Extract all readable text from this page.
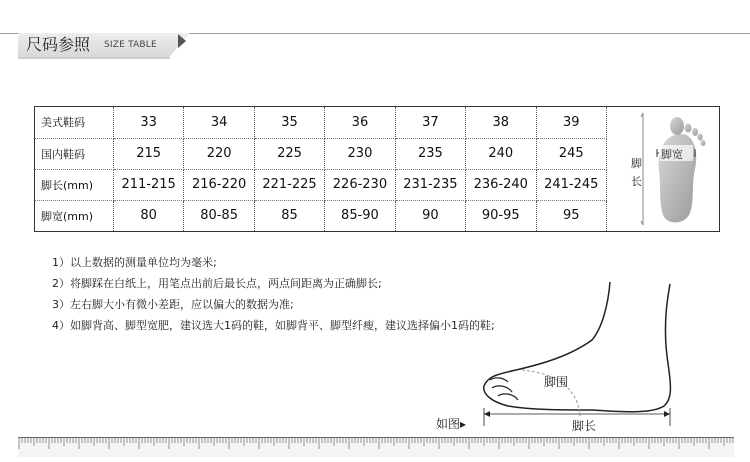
尺码参照 SIZE TABLE
美式鞋码	33	34	35	36	37	38	39
国内鞋码	215	220	225	230	235	240	245
脚长(mm)	211-215	216-220	221-225	226-230	231-235	236-240	241-245
脚宽(mm)	80	80-85	85	85-90	90	90-95	95
脚宽
脚
长
1）以上数据的测量单位均为毫米;
2）将脚踩在白纸上，用笔点出前后最长点，两点间距离为正确脚长;
3）左右脚大小有微小差距，应以偏大的数据为准;
4）如脚背高、脚型宽肥，建议选大1码的鞋，如脚背平、脚型纤瘦，建议选择偏小1码的鞋;
脚围
脚长
如图▸
